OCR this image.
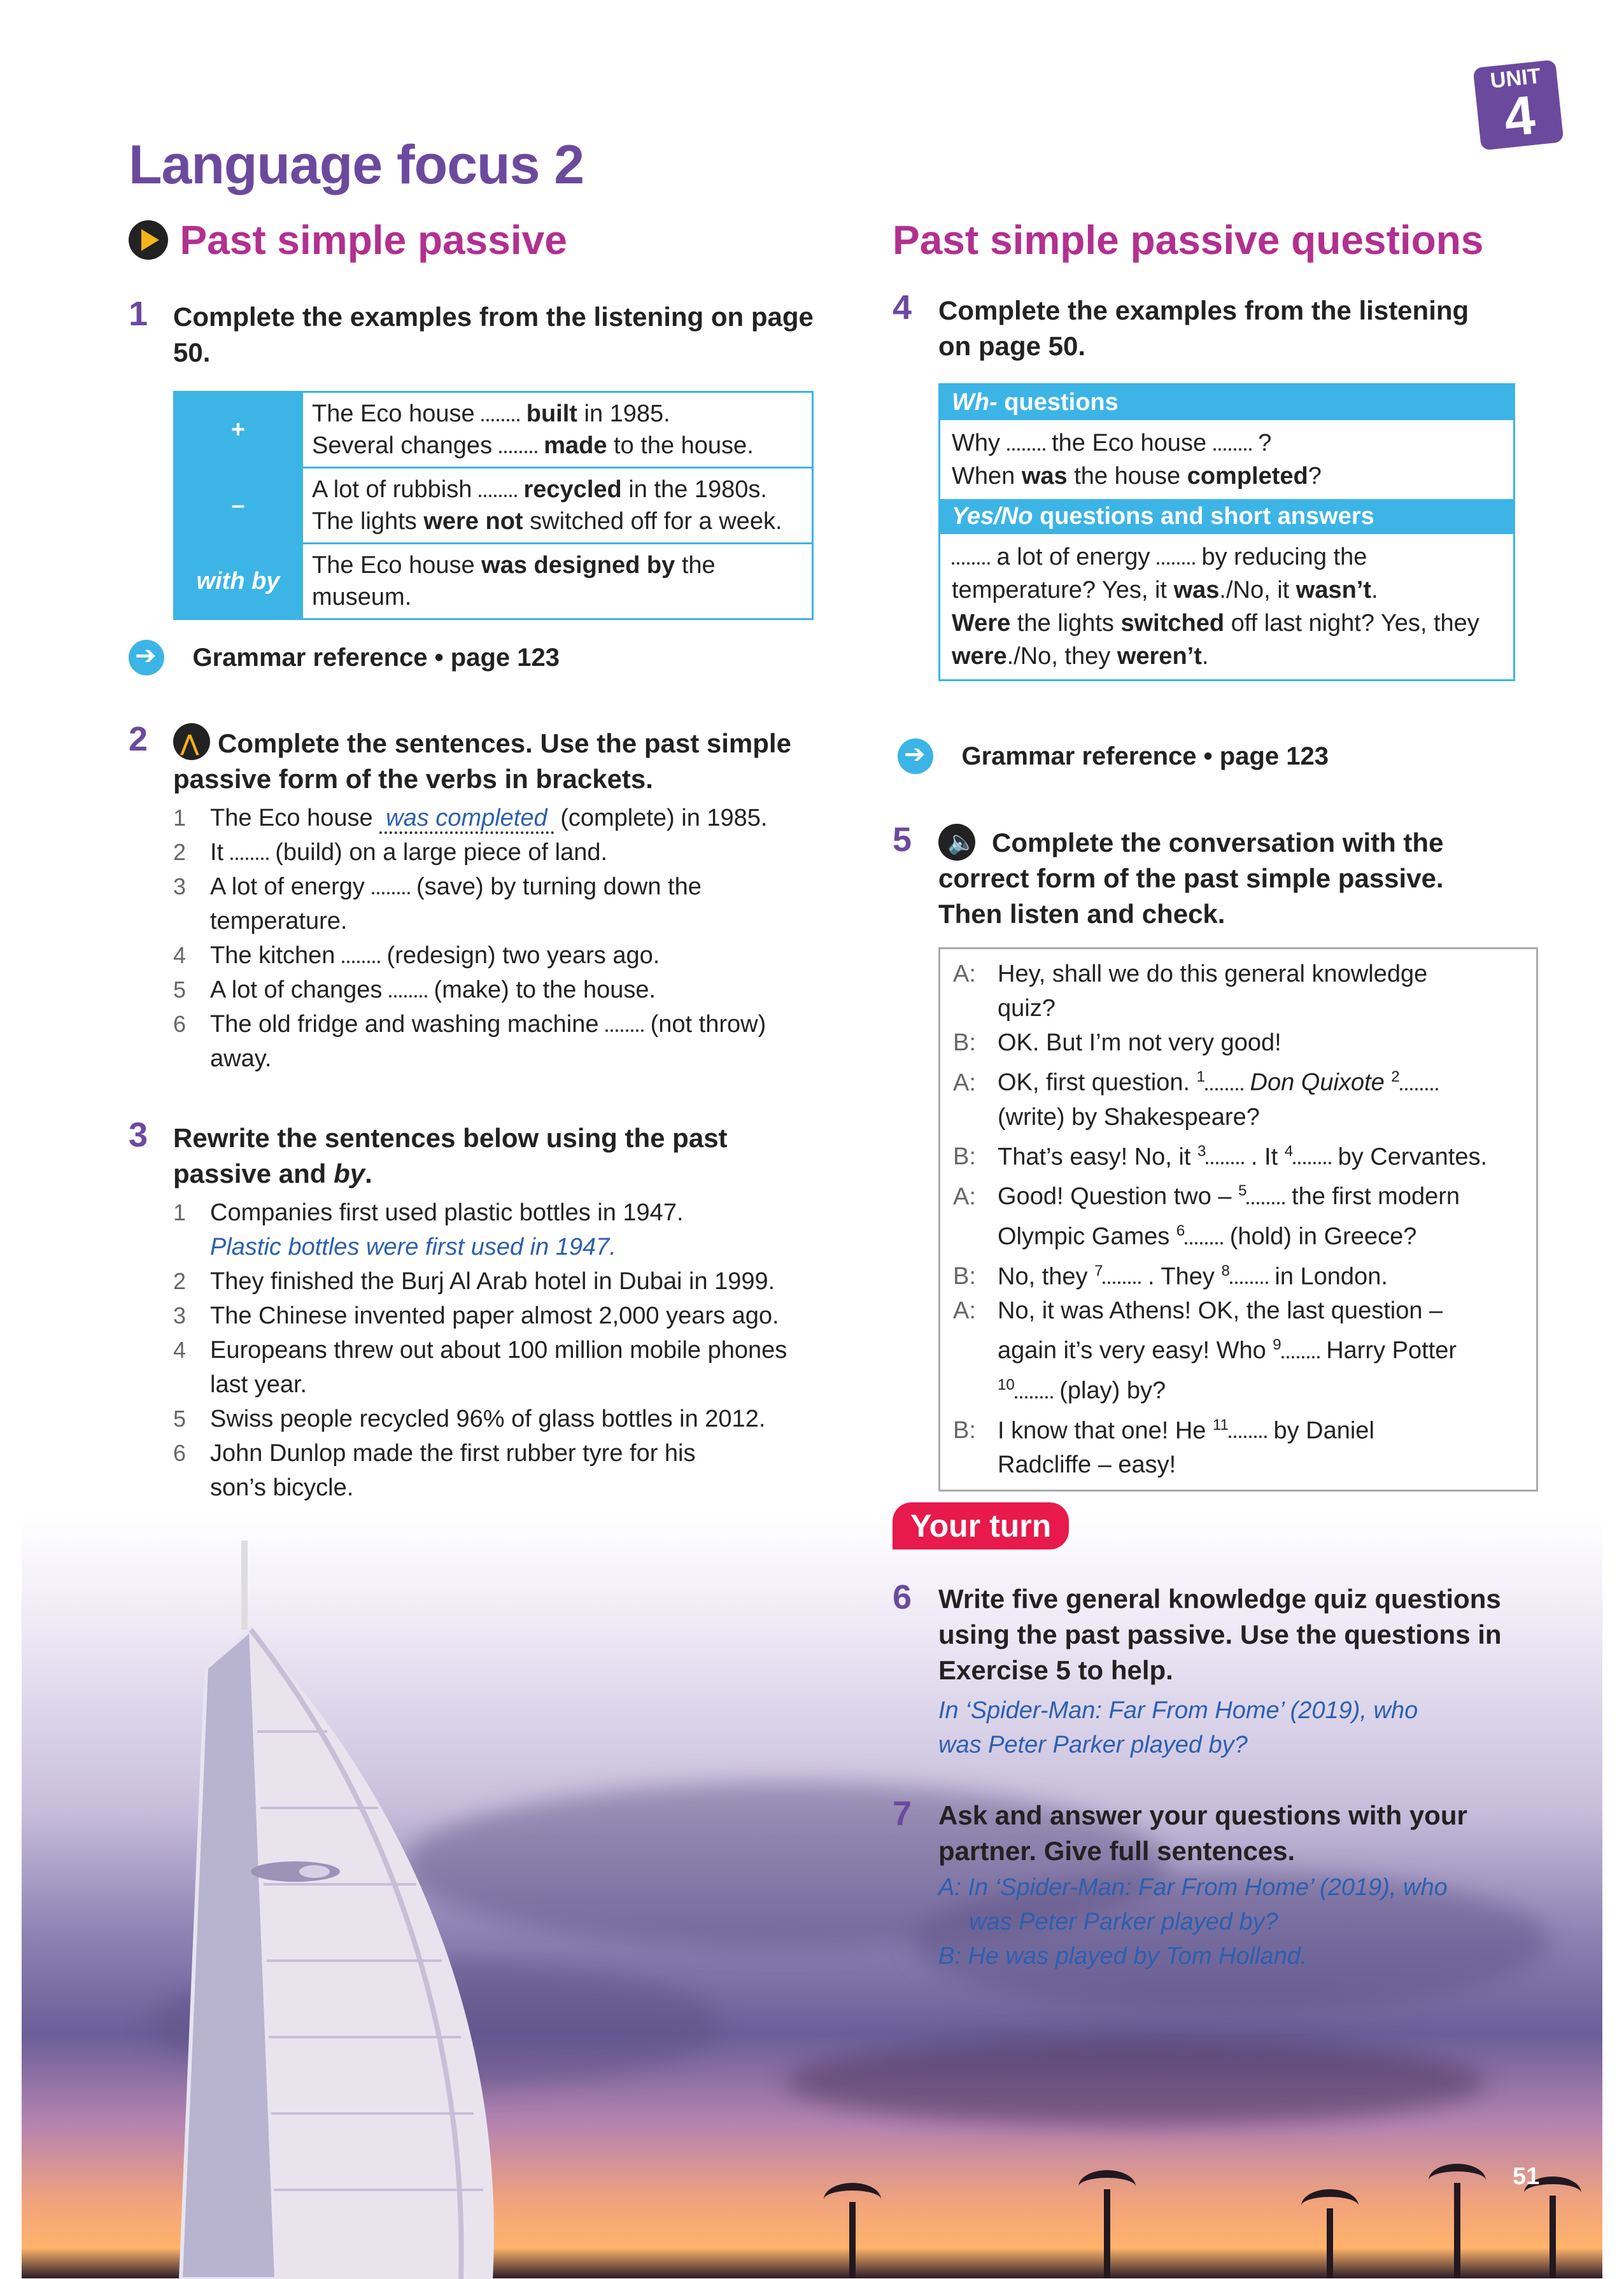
UNIT
4
Language focus 2
Past simple passive
1 Complete the examples from the listening on page 50.
+	The Eco house  built in 1985.
Several changes  made to the house.
–	A lot of rubbish  recycled in the 1980s.
The lights were not switched off for a week.
with by	The Eco house was designed by the museum.
➔ Grammar reference • page 123
2 ⋀ Complete the sentences. Use the past simple passive form of the verbs in brackets.
1 The Eco house was completed (complete) in 1985.
2 It  (build) on a large piece of land.
3 A lot of energy  (save) by turning down the
temperature.
4 The kitchen  (redesign) two years ago.
5 A lot of changes  (make) to the house.
6 The old fridge and washing machine  (not throw)
away.
3 Rewrite the sentences below using the past
passive and by.
1 Companies first used plastic bottles in 1947.
Plastic bottles were first used in 1947.
2 They finished the Burj Al Arab hotel in Dubai in 1999.
3 The Chinese invented paper almost 2,000 years ago.
4 Europeans threw out about 100 million mobile phones
last year.
5 Swiss people recycled 96% of glass bottles in 2012.
6 John Dunlop made the first rubber tyre for his
son’s bicycle.
Past simple passive questions
4 Complete the examples from the listening on page 50.
Wh- questions
Why  the Eco house  ?
When was the house completed?
Yes/No questions and short answers
a lot of energy  by reducing the
temperature? Yes, it was./No, it wasn’t.
Were the lights switched off last night? Yes, they
were./No, they weren’t.
➔ Grammar reference • page 123
5 🔈 Complete the conversation with the correct form of the past simple passive. Then listen and check.
A: Hey, shall we do this general knowledge
quiz?
B: OK. But I’m not very good!
A: OK, first question. $^1$ Don Quixote $^2$
(write) by Shakespeare?
B: That’s easy! No, it $^3$ . It $^4$ by Cervantes.
A: Good! Question two – $^5$ the first modern
Olympic Games $^6$ (hold) in Greece?
B: No, they $^7$ . They $^8$ in London.
A: No, it was Athens! OK, the last question –
again it’s very easy! Who $^9$ Harry Potter
$^{10}$ (play) by?
B: I know that one! He $^{11}$ by Daniel
Radcliffe – easy!
Your turn
6 Write five general knowledge quiz questions using the past passive. Use the questions in Exercise 5 to help.
In ‘Spider-Man: Far From Home’ (2019), who
was Peter Parker played by?
7 Ask and answer your questions with your partner. Give full sentences.
A: In ‘Spider-Man: Far From Home’ (2019), who
was Peter Parker played by?
B: He was played by Tom Holland.
51
